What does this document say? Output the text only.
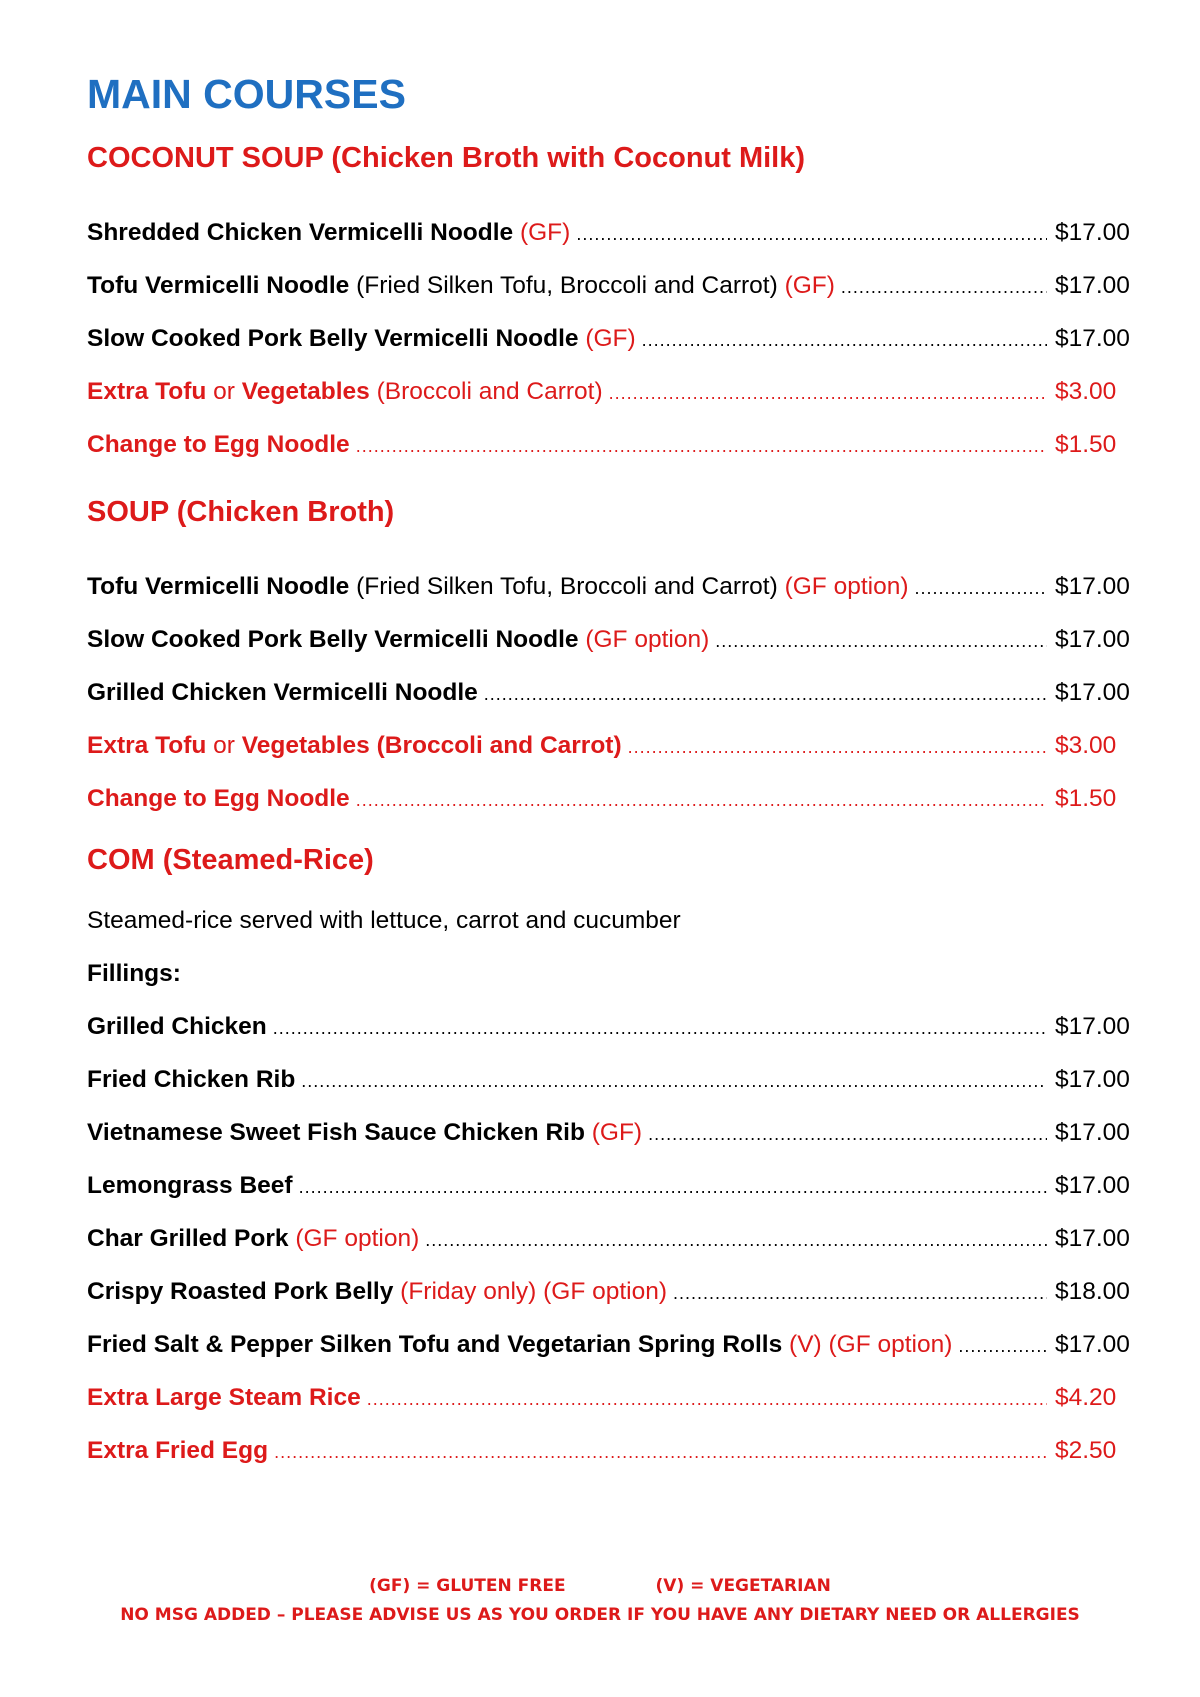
MAIN COURSES
COCONUT SOUP (Chicken Broth with Coconut Milk)
Shredded Chicken Vermicelli Noodle (GF) .....	$17.00
Tofu Vermicelli Noodle (Fried Silken Tofu, Broccoli and Carrot) (GF) .....	$17.00
Slow Cooked Pork Belly Vermicelli Noodle (GF) .....	$17.00
Extra Tofu or Vegetables (Broccoli and Carrot) .....	$3.00
Change to Egg Noodle .....	$1.50
SOUP (Chicken Broth)
Tofu Vermicelli Noodle (Fried Silken Tofu, Broccoli and Carrot) (GF option) .....	$17.00
Slow Cooked Pork Belly Vermicelli Noodle (GF option) .....	$17.00
Grilled Chicken Vermicelli Noodle .....	$17.00
Extra Tofu or Vegetables (Broccoli and Carrot) .....	$3.00
Change to Egg Noodle .....	$1.50
COM (Steamed-Rice)
Steamed-rice served with lettuce, carrot and cucumber
Fillings:
Grilled Chicken .....	$17.00
Fried Chicken Rib .....	$17.00
Vietnamese Sweet Fish Sauce Chicken Rib (GF) .....	$17.00
Lemongrass Beef .....	$17.00
Char Grilled Pork (GF option) .....	$17.00
Crispy Roasted Pork Belly (Friday only) (GF option) .....	$18.00
Fried Salt & Pepper Silken Tofu and Vegetarian Spring Rolls (V) (GF option) .....	$17.00
Extra Large Steam Rice .....	$4.20
Extra Fried Egg .....	$2.50
(GF) = GLUTEN FREE	(V) = VEGETARIAN
NO MSG ADDED – PLEASE ADVISE US AS YOU ORDER IF YOU HAVE ANY DIETARY NEED OR ALLERGIES
